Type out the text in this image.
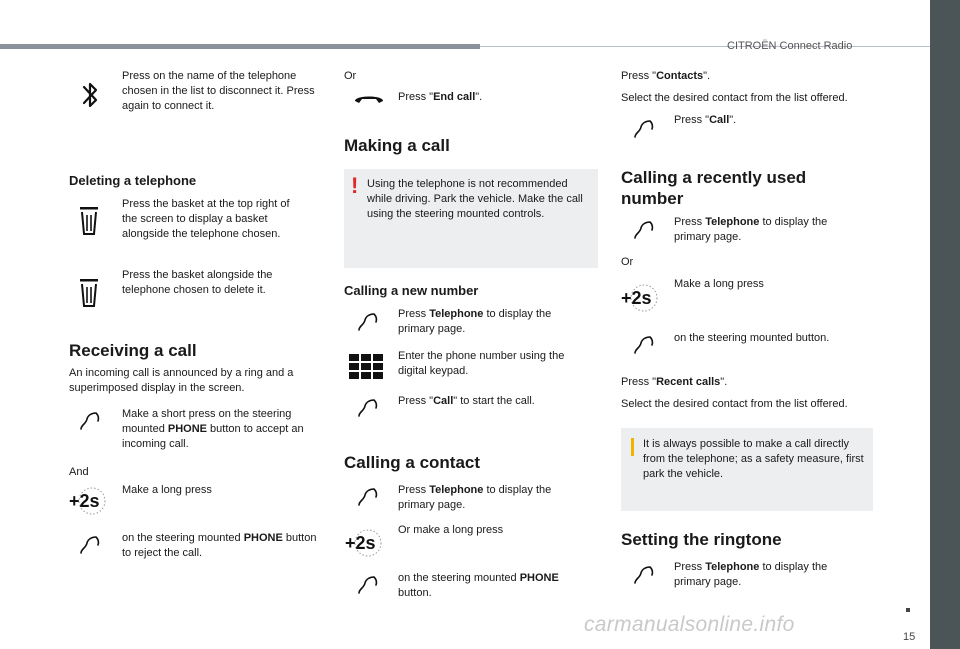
CITROËN Connect Radio
15
Press on the name of the telephone chosen in the list to disconnect it. Press again to connect it.
Deleting a telephone
Press the basket at the top right of the screen to display a basket alongside the telephone chosen.
Press the basket alongside the telephone chosen to delete it.
Receiving a call
An incoming call is announced by a ring and a superimposed display in the screen.
Make a short press on the steering mounted PHONE button to accept an incoming call.
And
+2s
Make a long press
on the steering mounted PHONE button to reject the call.
Or
Press "End call".
Making a call
! Using the telephone is not recommended while driving. Park the vehicle. Make the call using the steering mounted controls.
Calling a new number
Press Telephone to display the primary page.
Enter the phone number using the digital keypad.
Press "Call" to start the call.
Calling a contact
Press Telephone to display the primary page.
+2s
Or make a long press
on the steering mounted PHONE button.
Press "Contacts".
Select the desired contact from the list offered.
Press "Call".
Calling a recently used number
Press Telephone to display the primary page.
Or
+2s
Make a long press
on the steering mounted button.
Press "Recent calls".
Select the desired contact from the list offered.
It is always possible to make a call directly from the telephone; as a safety measure, first park the vehicle.
Setting the ringtone
Press Telephone to display the primary page.
carmanualsonline.info
